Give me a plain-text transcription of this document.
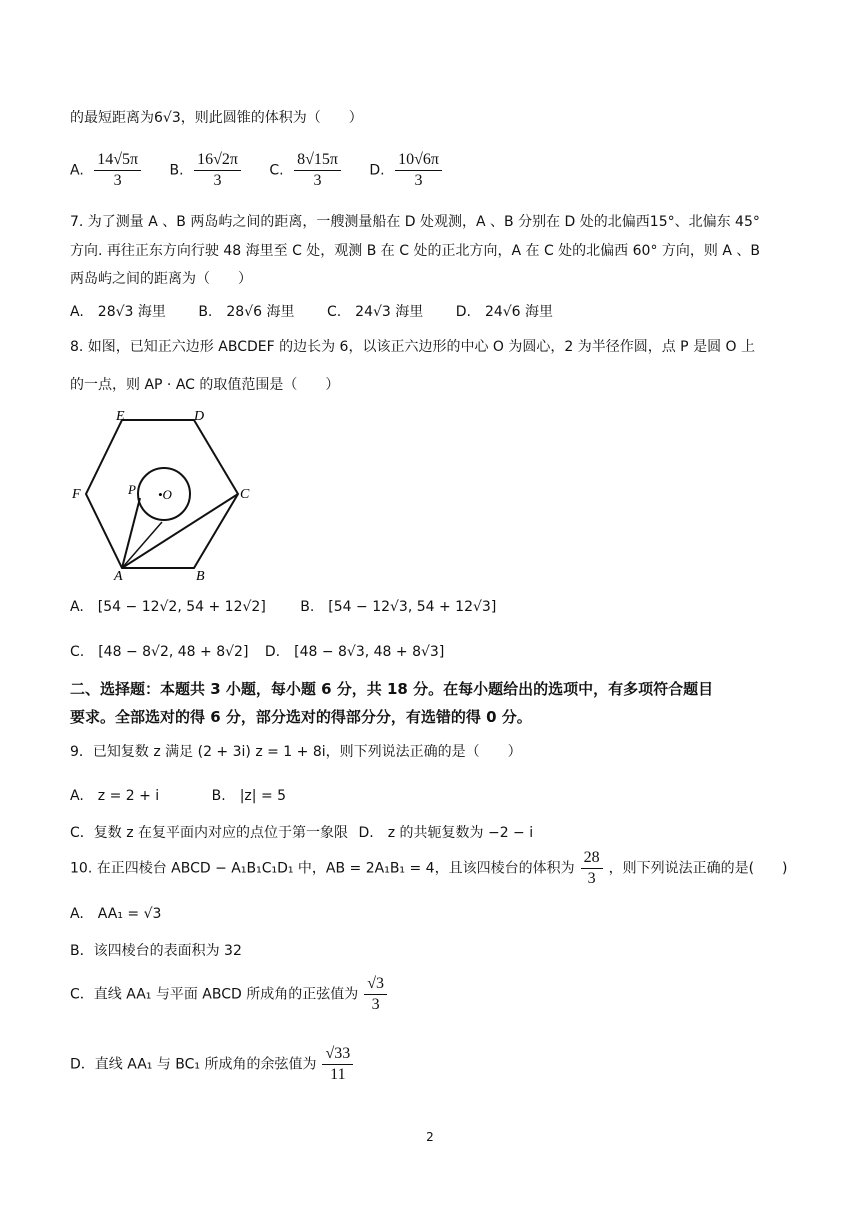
的最短距离为6√3，则此圆锥的体积为（　　）
A. $\frac{14√5\pi}{3} B$. $\frac{16√2\pi}{3} C$. $\frac{8√15\pi}{3} D$. $\frac{10√6\pi}{3}$
7. 为了测量 A 、B 两岛屿之间的距离，一艘测量船在 D 处观测，A 、B 分别在 D 处的北偏西15°、北偏东 45°
方向. 再往正东方向行驶 48 海里至 C 处，观测 B 在 C 处的正北方向，A 在 C 处的北偏西 60° 方向，则 A 、B
两岛屿之间的距离为（　　）
A.　28√3 海里 B.　28√6 海里 C.　24√3 海里 D.　24√6 海里
8. 如图，已知正六边形 ABCDEF 的边长为 6，以该正六边形的中心 O 为圆心，2 为半径作圆，点 P 是圆 O 上
的一点，则 AP · AC 的取值范围是（　　）
E	D
F	C
P •O
A	B
A.　[54 − 12√2, 54 + 12√2] B.　[54 − 12√3, 54 + 12√3]
C.　[48 − 8√2, 48 + 8√2] D.　[48 − 8√3, 48 + 8√3]
二、选择题：本题共 3 小题，每小题 6 分，共 18 分。在每小题给出的选项中，有多项符合题目
要求。全部选对的得 6 分，部分选对的得部分分，有选错的得 0 分。
9．已知复数 z 满足 (2 + 3i) z = 1 + 8i，则下列说法正确的是（　　）
A.　z = 2 + i	B.　|z| = 5
C．复数 z 在复平面内对应的点位于第一象限 D.　z 的共轭复数为 −2 − i
10. 在正四棱台 ABCD − A₁B₁C₁D₁ 中，AB = 2A₁B₁ = 4，且该四棱台的体积为 $\frac{28}{3}$ ，则下列说法正确的是(　　)
A.　AA₁ = √3
B．该四棱台的表面积为 32
C．直线 AA₁ 与平面 ABCD 所成角的正弦值为 $\frac{√3}{3}$
D．直线 AA₁ 与 BC₁ 所成角的余弦值为 $\frac{√33}{11}$
2
